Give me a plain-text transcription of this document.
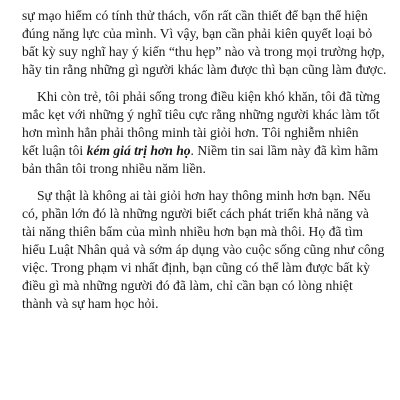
sự mạo hiểm có tính thử thách, vốn rất cần thiết để bạn thể hiện
đúng năng lực của mình. Vì vậy, bạn cần phải kiên quyết loại bỏ
bất kỳ suy nghĩ hay ý kiến “thu hẹp” nào và trong mọi trường hợp,
hãy tin rằng những gì người khác làm được thì bạn cũng làm được.
Khi còn trẻ, tôi phải sống trong điều kiện khó khăn, tôi đã từng
mắc kẹt với những ý nghĩ tiêu cực rằng những người khác làm tốt
hơn mình hẳn phải thông minh tài giỏi hơn. Tôi nghiễm nhiên
kết luận tôi kém giá trị hơn họ. Niềm tin sai lầm này đã kìm hãm
bản thân tôi trong nhiều năm liền.
Sự thật là không ai tài giỏi hơn hay thông minh hơn bạn. Nếu
có, phần lớn đó là những người biết cách phát triển khả năng và
tài năng thiên bẩm của mình nhiều hơn bạn mà thôi. Họ đã tìm
hiểu Luật Nhân quả và sớm áp dụng vào cuộc sống cũng như công
việc. Trong phạm vi nhất định, bạn cũng có thể làm được bất kỳ
điều gì mà những người đó đã làm, chỉ cần bạn có lòng nhiệt
thành và sự ham học hỏi.
